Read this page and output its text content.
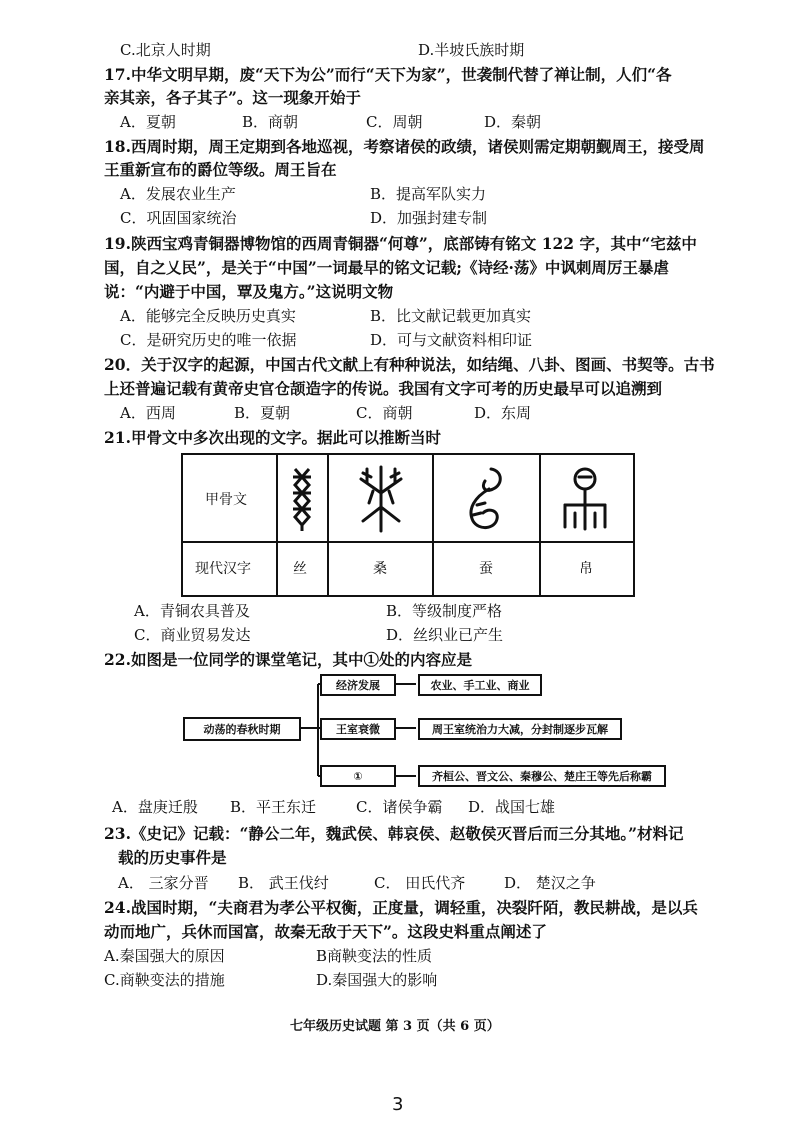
C.北京人时期	D.半坡氏族时期
17.中华文明早期，废“天下为公”而行“天下为家”，世袭制代替了禅让制，人们“各
亲其亲，各子其子”。这一现象开始于
A．夏朝	B．商朝	C．周朝	D．秦朝
18.西周时期，周王定期到各地巡视，考察诸侯的政绩，诸侯则需定期朝觐周王，接受周
王重新宣布的爵位等级。周王旨在
A．发展农业生产	B．提高军队实力
C．巩固国家统治	D．加强封建专制
19.陕西宝鸡青铜器博物馆的西周青铜器“何尊”，底部铸有铭文 122 字，其中“宅兹中
国，自之乂民”，是关于“中国”一词最早的铭文记载;《诗经·荡》中讽刺周厉王暴虐
说：“内避于中国，覃及鬼方。”这说明文物
A．能够完全反映历史真实	B．比文献记载更加真实
C．是研究历史的唯一依据	D．可与文献资料相印证
20．关于汉字的起源，中国古代文献上有种种说法，如结绳、八卦、图画、书契等。古书
上还普遍记载有黄帝史官仓颉造字的传说。我国有文字可考的历史最早可以追溯到
A．西周	B．夏朝	C．商朝	D．东周
21.甲骨文中多次出现的文字。据此可以推断当时
甲骨文
现代汉字	丝	桑	蚕	帛
A．青铜农具普及	B．等级制度严格
C．商业贸易发达	D．丝织业已产生
22.如图是一位同学的课堂笔记，其中①处的内容应是
动荡的春秋时期
经济发展	农业、手工业、商业
王室衰微	周王室统治力大减，分封制逐步瓦解
①	齐桓公、晋文公、秦穆公、楚庄王等先后称霸
A．盘庚迁殷 B．平王东迁	C．诸侯争霸 D．战国七雄
23.《史记》记载：“静公二年，魏武侯、韩哀侯、赵敬侯灭晋后而三分其地。”材料记
载的历史事件是
A． 三家分晋 B． 武王伐纣	C． 田氏代齐	D． 楚汉之争
24.战国时期，“夫商君为孝公平权衡，正度量，调轻重，决裂阡陌，教民耕战，是以兵
动而地广，兵休而国富，故秦无敌于天下”。这段史料重点阐述了
A.秦国强大的原因	B商鞅变法的性质
C.商鞅变法的措施	D.秦国强大的影响
七年级历史试题 第 3 页（共 6 页）
3
